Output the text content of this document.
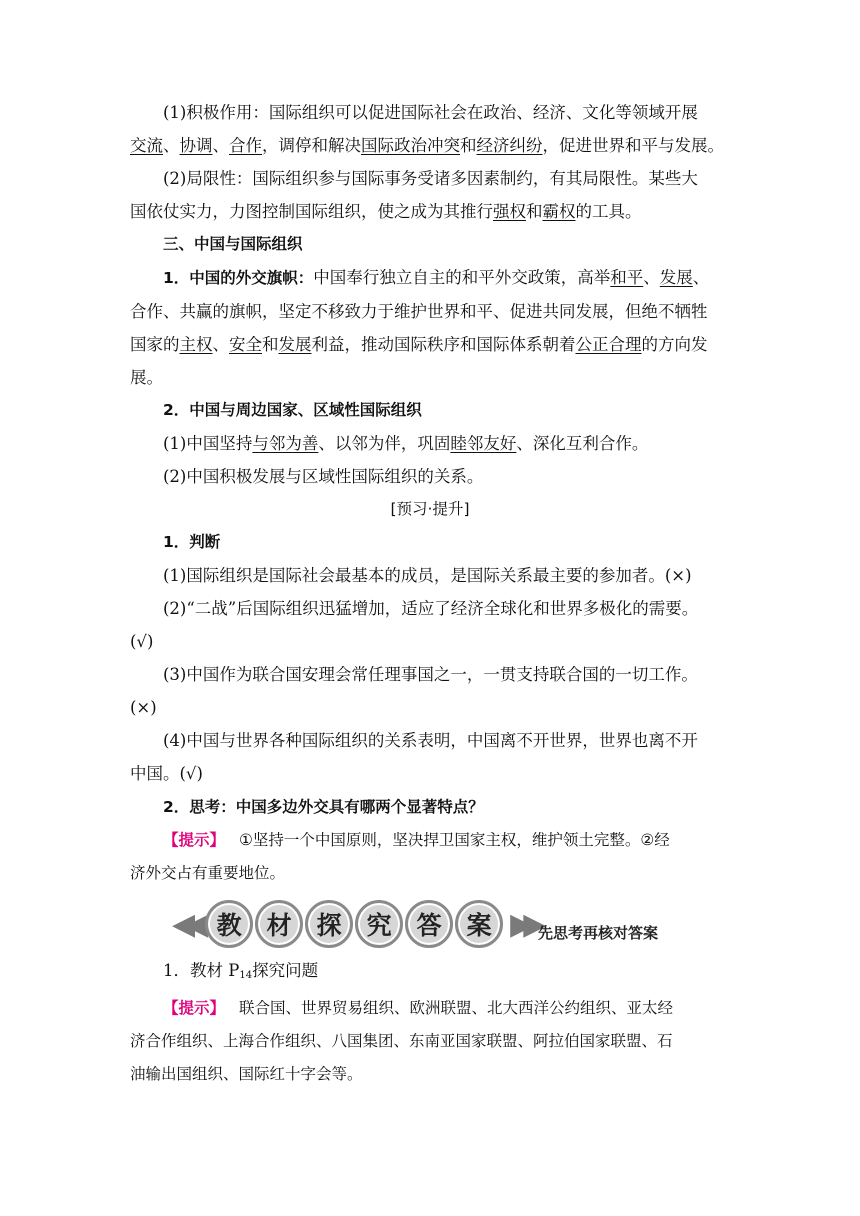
(1)积极作用：国际组织可以促进国际社会在政治、经济、文化等领域开展
交流、协调、合作，调停和解决国际政治冲突和经济纠纷，促进世界和平与发展。
(2)局限性：国际组织参与国际事务受诸多因素制约，有其局限性。某些大
国依仗实力，力图控制国际组织，使之成为其推行强权和霸权的工具。
三、中国与国际组织
1．中国的外交旗帜：中国奉行独立自主的和平外交政策，高举和平、发展、
合作、共赢的旗帜，坚定不移致力于维护世界和平、促进共同发展，但绝不牺牲
国家的主权、安全和发展利益，推动国际秩序和国际体系朝着公正合理的方向发
展。
2．中国与周边国家、区域性国际组织
(1)中国坚持与邻为善、以邻为伴，巩固睦邻友好、深化互利合作。
(2)中国积极发展与区域性国际组织的关系。
[预习·提升]
1．判断
(1)国际组织是国际社会最基本的成员，是国际关系最主要的参加者。(×)
(2)“二战”后国际组织迅猛增加，适应了经济全球化和世界多极化的需要。
(√)
(3)中国作为联合国安理会常任理事国之一，一贯支持联合国的一切工作。
(×)
(4)中国与世界各种国际组织的关系表明，中国离不开世界，世界也离不开
中国。(√)
2．思考：中国多边外交具有哪两个显著特点？
【提示】 ①坚持一个中国原则，坚决捍卫国家主权，维护领土完整。②经
济外交占有重要地位。
◀◀ 教 材 探 究 答 案 ▶▶ 先思考再核对答案
1．教材 $P_{14}$探究问题
【提示】 联合国、世界贸易组织、欧洲联盟、北大西洋公约组织、亚太经
济合作组织、上海合作组织、八国集团、东南亚国家联盟、阿拉伯国家联盟、石
油输出国组织、国际红十字会等。
